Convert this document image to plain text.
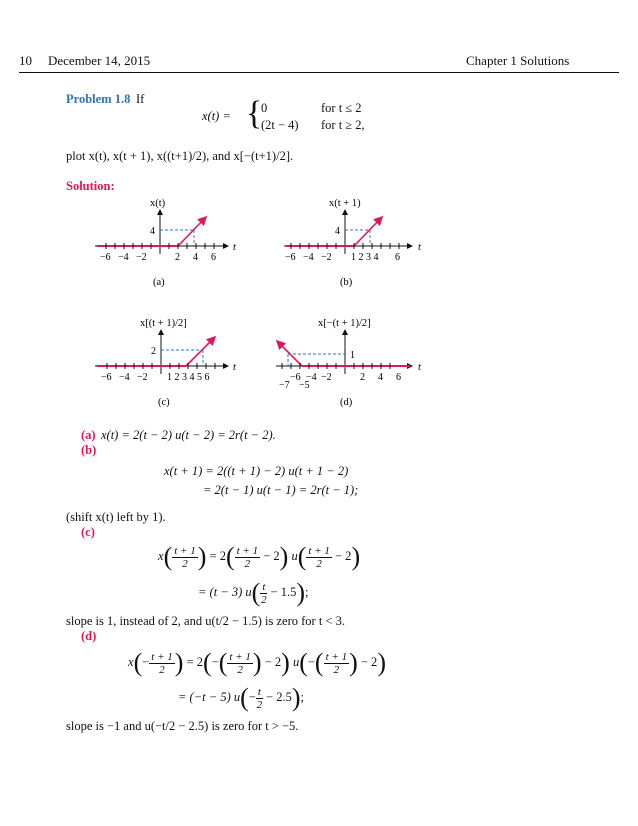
10 December 14, 2015	Chapter 1 Solutions
Problem 1.8 If
x(t) = {
0	for t ≤ 2
(2t − 4) for t ≥ 2,
plot x(t), x(t + 1), x((t+1)/2), and x[−(t+1)/2].
Solution:
x(t)
4
−6 −4 −2	2 4 6
t
(a)
x(t + 1)
4
−6 −4 −2 1 2 3 4 6
t
(b)
x[(t + 1)/2]
2
−6 −4 −2 1 2 3 4 5 6
t
(c)
x[−(t + 1)/2]
1
−6 −4 −2	2 4 6
−7 −5
t
(d)
(a) x(t) = 2(t − 2) u(t − 2) = 2r(t − 2).
(b)
x(t + 1) = 2((t + 1) − 2) u(t + 1 − 2)
= 2(t − 1) u(t − 1) = 2r(t − 1);
(shift x(t) left by 1).
(c)
$x( \frac{t + 1}{2}$ ) = $2( \frac{t + 1}{2} - 2)$ $u( \frac{t + 1}{2} - 2)$
= (t − 3) $u( \frac{t}{2} - 1.5)$;
slope is 1, instead of 2, and u(t/2 − 1.5) is zero for t < 3.
(d)
$x(- \frac{t + 1}{2}$ ) = $2(-( \frac{t + 1}{2}$ ) − 2) $u(-( \frac{t + 1}{2}$ ) − 2)
= (−t − 5) $u(- \frac{t}{2} - 2.5)$;
slope is −1 and u(−t/2 − 2.5) is zero for t > −5.
